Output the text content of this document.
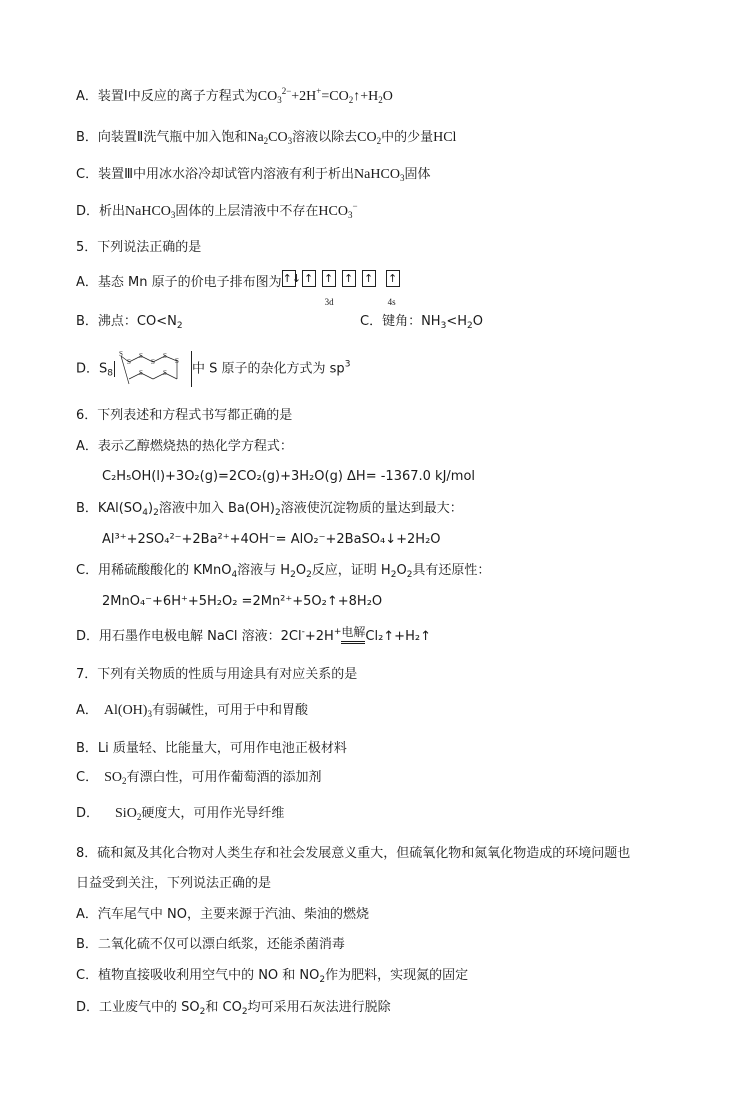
A．装置Ⅰ中反应的离子方程式为$CO_3^{2-}+2H^+=CO_2↑+H_2O$
B．向装置Ⅱ洗气瓶中加入饱和$Na_2CO_3$溶液以除去$CO_2$中的少量HCl
C．装置Ⅲ中用冰水浴冷却试管内溶液有利于析出NaHCO$_3$固体
D．析出NaHCO$_3$固体的上层清液中不存在$HCO_3^-$
5．下列说法正确的是
A．基态 Mn 原子的价电子排布图为 ↑↓ ↑ ↑ ↑ ↑ ↑
3d	4s
B．沸点：$CO<N_2$	C．键角：$NH_3<H_2O$
D．$S_8$
S
S
S
S
S
S
S	S 中 S 原子的杂化方式为 $sp^3$
6．下列表述和方程式书写都正确的是
A．表示乙醇燃烧热的热化学方程式：
C₂H₅OH(l)+3O₂(g)=2CO₂(g)+3H₂O(g) ΔH= -1367.0 kJ/mol
B．$KAl(SO_4)_2$溶液中加入 $Ba(OH)_2$溶液使沉淀物质的量达到最大：
Al³⁺+2SO₄²⁻+2Ba²⁺+4OH⁻= AlO₂⁻+2BaSO₄↓+2H₂O
C．用稀硫酸酸化的 KMnO$_4$溶液与 $H_2O_2$反应，证明 $H_2O_2$具有还原性：
2MnO₄⁻+6H⁺+5H₂O₂ =2Mn²⁺+5O₂↑+8H₂O
D．用石墨作电极电解 NaCl 溶液：2Cl-+2H+电解
Cl₂↑+H₂↑
7．下列有关物质的性质与用途具有对应关系的是
A． $Al(OH)_3$有弱碱性，可用于中和胃酸
B．Li 质量轻、比能量大，可用作电池正极材料
C． $SO_2$有漂白性，可用作葡萄酒的添加剂
D． SiO$_2$硬度大，可用作光导纤维
8．硫和氮及其化合物对人类生存和社会发展意义重大，但硫氧化物和氮氧化物造成的环境问题也
日益受到关注，下列说法正确的是
A．汽车尾气中 NO，主要来源于汽油、柴油的燃烧
B．二氧化硫不仅可以漂白纸浆，还能杀菌消毒
C．植物直接吸收利用空气中的 NO 和 $NO_2$作为肥料，实现氮的固定
D．工业废气中的 $SO_2$和 $CO_2$均可采用石灰法进行脱除
